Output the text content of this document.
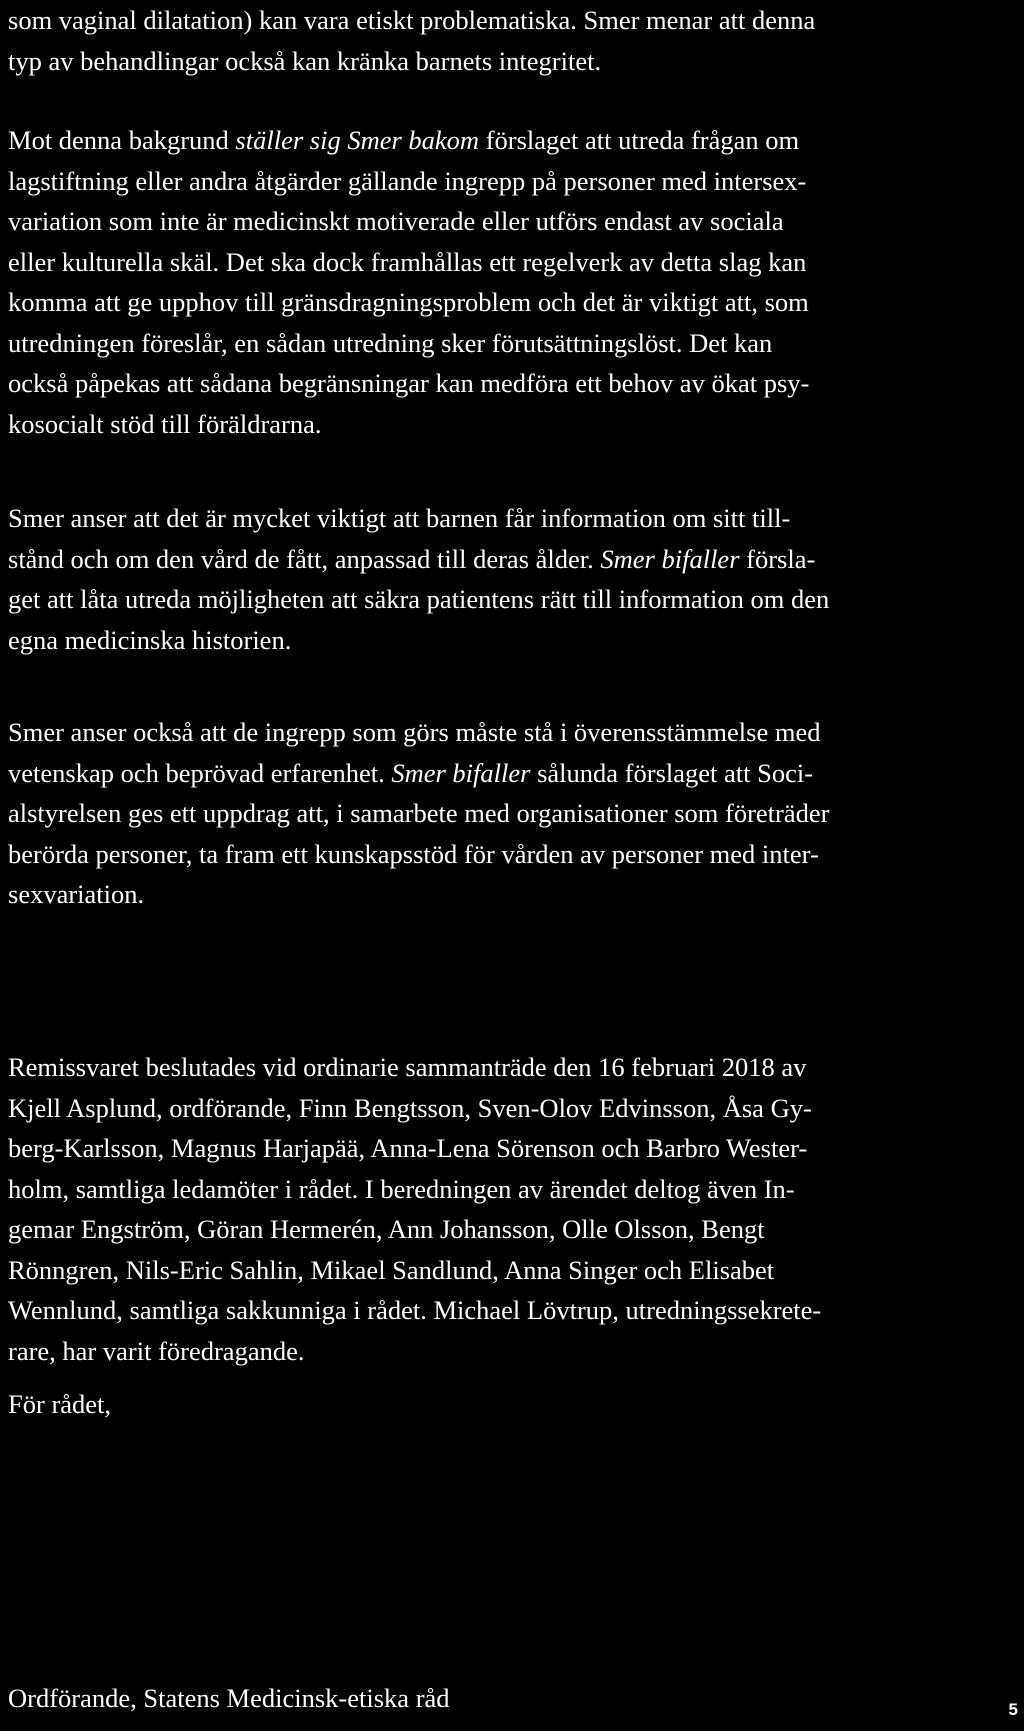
som vaginal dilatation) kan vara etiskt problematiska. Smer menar att denna
typ av behandlingar också kan kränka barnets integritet.

Mot denna bakgrund ställer sig Smer bakom förslaget att utreda frågan om
lagstiftning eller andra åtgärder gällande ingrepp på personer med intersex-
variation som inte är medicinskt motiverade eller utförs endast av sociala
eller kulturella skäl. Det ska dock framhållas ett regelverk av detta slag kan
komma att ge upphov till gränsdragningsproblem och det är viktigt att, som
utredningen föreslår, en sådan utredning sker förutsättningslöst. Det kan
också påpekas att sådana begränsningar kan medföra ett behov av ökat psy-
kosocialt stöd till föräldrarna.

Smer anser att det är mycket viktigt att barnen får information om sitt till-
stånd och om den vård de fått, anpassad till deras ålder. Smer bifaller försla-
get att låta utreda möjligheten att säkra patientens rätt till information om den
egna medicinska historien.

Smer anser också att de ingrepp som görs måste stå i överensstämmelse med
vetenskap och beprövad erfarenhet. Smer bifaller sålunda förslaget att Soci-
alstyrelsen ges ett uppdrag att, i samarbete med organisationer som företräder
berörda personer, ta fram ett kunskapsstöd för vården av personer med inter-
sexvariation.

Remissvaret beslutades vid ordinarie sammanträde den 16 februari 2018 av
Kjell Asplund, ordförande, Finn Bengtsson, Sven-Olov Edvinsson, Åsa Gy-
berg-Karlsson, Magnus Harjapää, Anna-Lena Sörenson och Barbro Wester-
holm, samtliga ledamöter i rådet. I beredningen av ärendet deltog även In-
gemar Engström, Göran Hermerén, Ann Johansson, Olle Olsson, Bengt
Rönngren, Nils-Eric Sahlin, Mikael Sandlund, Anna Singer och Elisabet
Wennlund, samtliga sakkunniga i rådet. Michael Lövtrup, utredningssekrete-
rare, har varit föredragande.

För rådet,

Ordförande, Statens Medicinsk-etiska råd	5
